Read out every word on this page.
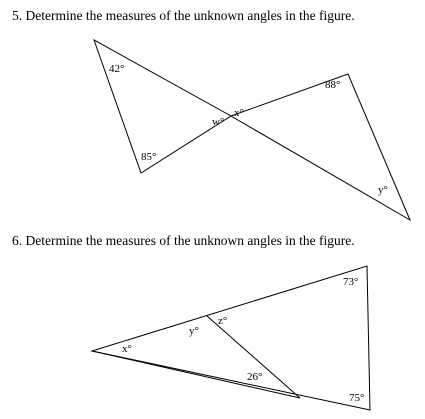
5. Determine the measures of the unknown angles in the figure.
42°
85°
w°
x°
88°
y°
x°
y°
z°
26°
73°
75°
6. Determine the measures of the unknown angles in the figure.
